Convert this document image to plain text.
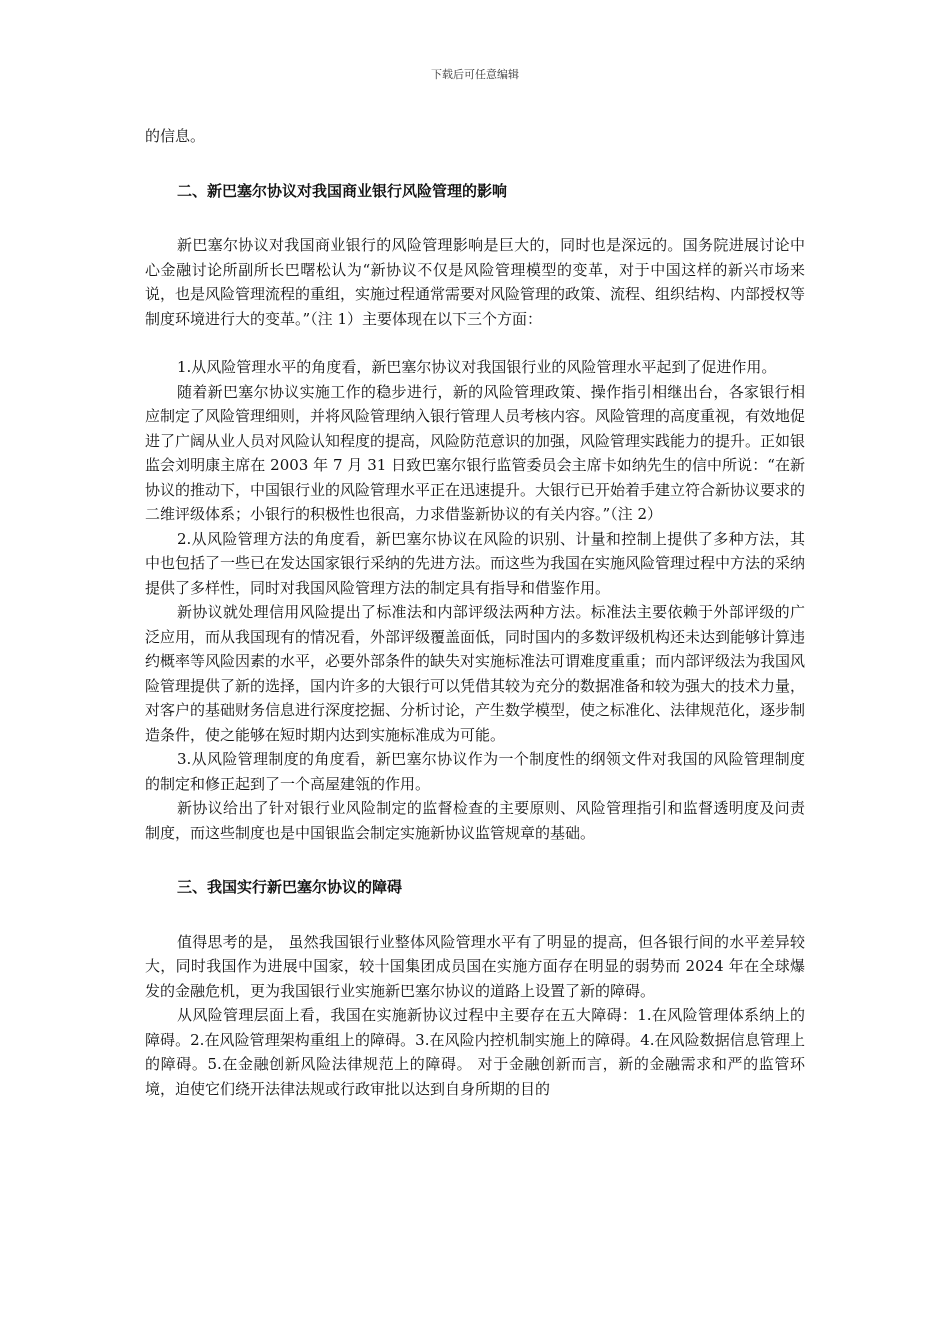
下载后可任意编辑

的信息。

二、新巴塞尔协议对我国商业银行风险管理的影响

新巴塞尔协议对我国商业银行的风险管理影响是巨大的，同时也是深远的。国务院进展讨论中心金融讨论所副所长巴曙松认为“新协议不仅是风险管理模型的变革，对于中国这样的新兴市场来说，也是风险管理流程的重组，实施过程通常需要对风险管理的政策、流程、组织结构、内部授权等制度环境进行大的变革。”（注 1）主要体现在以下三个方面：

1.从风险管理水平的角度看，新巴塞尔协议对我国银行业的风险管理水平起到了促进作用。

随着新巴塞尔协议实施工作的稳步进行，新的风险管理政策、操作指引相继出台，各家银行相应制定了风险管理细则，并将风险管理纳入银行管理人员考核内容。风险管理的高度重视，有效地促进了广阔从业人员对风险认知程度的提高，风险防范意识的加强，风险管理实践能力的提升。正如银监会刘明康主席在 2003 年 7 月 31 日致巴塞尔银行监管委员会主席卡如纳先生的信中所说：“在新协议的推动下，中国银行业的风险管理水平正在迅速提升。大银行已开始着手建立符合新协议要求的二维评级体系；小银行的积极性也很高，力求借鉴新协议的有关内容。”（注 2）

2.从风险管理方法的角度看，新巴塞尔协议在风险的识别、计量和控制上提供了多种方法，其中也包括了一些已在发达国家银行采纳的先进方法。而这些为我国在实施风险管理过程中方法的采纳提供了多样性，同时对我国风险管理方法的制定具有指导和借鉴作用。

新协议就处理信用风险提出了标准法和内部评级法两种方法。标准法主要依赖于外部评级的广泛应用，而从我国现有的情况看，外部评级覆盖面低，同时国内的多数评级机构还未达到能够计算违约概率等风险因素的水平，必要外部条件的缺失对实施标准法可谓难度重重；而内部评级法为我国风险管理提供了新的选择，国内许多的大银行可以凭借其较为充分的数据准备和较为强大的技术力量，对客户的基础财务信息进行深度挖掘、分析讨论，产生数学模型，使之标准化、法律规范化，逐步制造条件，使之能够在短时期内达到实施标准成为可能。

3.从风险管理制度的角度看，新巴塞尔协议作为一个制度性的纲领文件对我国的风险管理制度的制定和修正起到了一个高屋建瓴的作用。

新协议给出了针对银行业风险制定的监督检查的主要原则、风险管理指引和监督透明度及问责制度，而这些制度也是中国银监会制定实施新协议监管规章的基础。

三、我国实行新巴塞尔协议的障碍

值得思考的是， 虽然我国银行业整体风险管理水平有了明显的提高，但各银行间的水平差异较大，同时我国作为进展中国家，较十国集团成员国在实施方面存在明显的弱势而 2024 年在全球爆发的金融危机，更为我国银行业实施新巴塞尔协议的道路上设置了新的障碍。

从风险管理层面上看，我国在实施新协议过程中主要存在五大障碍：1.在风险管理体系纳上的障碍。2.在风险管理架构重组上的障碍。3.在风险内控机制实施上的障碍。4.在风险数据信息管理上的障碍。5.在金融创新风险法律规范上的障碍。 对于金融创新而言，新的金融需求和严的监管环境，迫使它们绕开法律法规或行政审批以达到自身所期的目的
